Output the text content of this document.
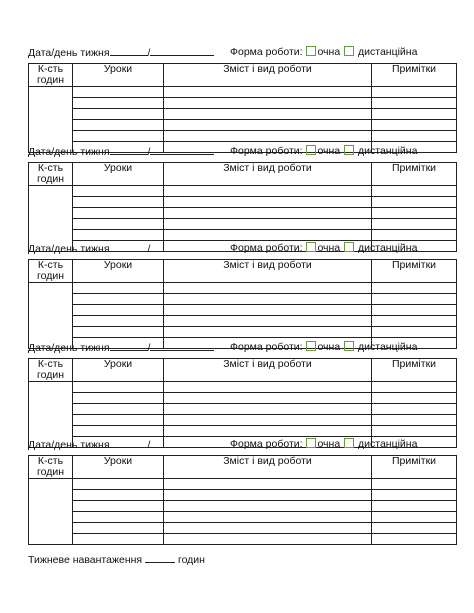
Дата/день тижня	/	Форма роботи: очна дистанційна
К-сть годин	Уроки	Зміст і вид роботи	Примітки

Дата/день тижня	/	Форма роботи: очна дистанційна
К-сть годин	Уроки	Зміст і вид роботи	Примітки

Дата/день тижня	/	Форма роботи: очна дистанційна
К-сть годин	Уроки	Зміст і вид роботи	Примітки

Дата/день тижня	/	Форма роботи: очна дистанційна
К-сть годин	Уроки	Зміст і вид роботи	Примітки

Дата/день тижня	/	Форма роботи: очна дистанційна
К-сть годин	Уроки	Зміст і вид роботи	Примітки

Тижневе навантаження	годин
